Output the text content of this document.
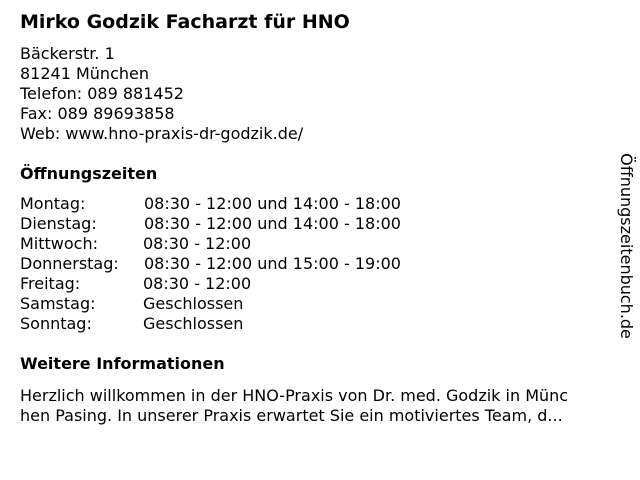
Mirko Godzik Facharzt für HNO
Bäckerstr. 1
81241 München
Telefon: 089 881452
Fax: 089 89693858
Web: www.hno-praxis-dr-godzik.de/
Öffnungszeiten
Montag:	08:30 - 12:00 und 14:00 - 18:00
Dienstag:	08:30 - 12:00 und 14:00 - 18:00
Mittwoch:	08:30 - 12:00
Donnerstag: 08:30 - 12:00 und 15:00 - 19:00
Freitag:	08:30 - 12:00
Samstag:	Geschlossen
Sonntag:	Geschlossen
Weitere Informationen
Herzlich willkommen in der HNO-Praxis von Dr. med. Godzik in Münc
hen Pasing. In unserer Praxis erwartet Sie ein motiviertes Team, d...
Öffnungszeitenbuch.de
